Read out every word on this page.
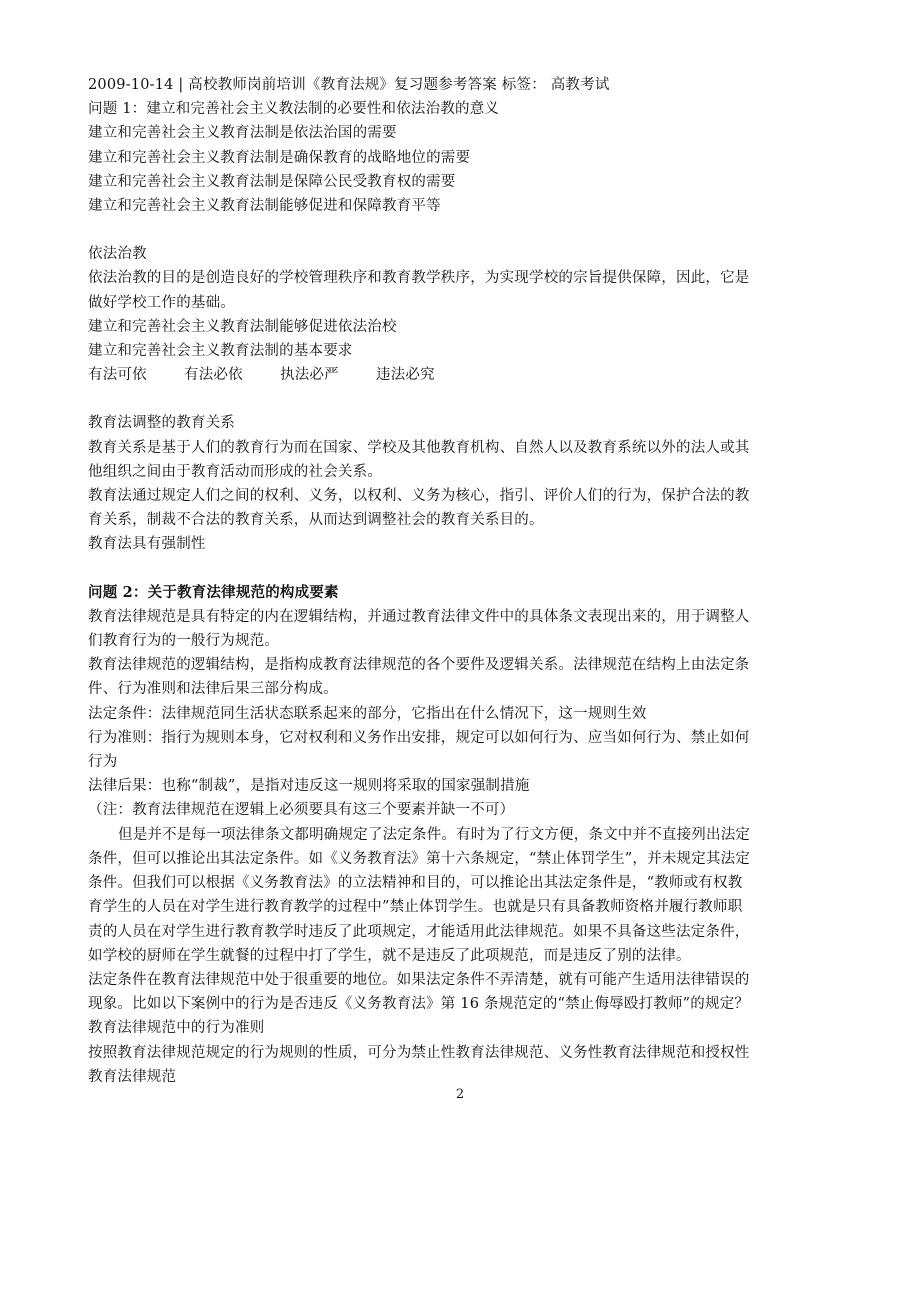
2009-10-14 | 高校教师岗前培训《教育法规》复习题参考答案 标签： 高教考试
问题 1：建立和完善社会主义教法制的必要性和依法治教的意义
建立和完善社会主义教育法制是依法治国的需要
建立和完善社会主义教育法制是确保教育的战略地位的需要
建立和完善社会主义教育法制是保障公民受教育权的需要
建立和完善社会主义教育法制能够促进和保障教育平等
依法治教
依法治教的目的是创造良好的学校管理秩序和教育教学秩序，为实现学校的宗旨提供保障，因此，它是
做好学校工作的基础。
建立和完善社会主义教育法制能够促进依法治校
建立和完善社会主义教育法制的基本要求
有法可依	有法必依	执法必严	违法必究
教育法调整的教育关系
教育关系是基于人们的教育行为而在国家、学校及其他教育机构、自然人以及教育系统以外的法人或其
他组织之间由于教育活动而形成的社会关系。
教育法通过规定人们之间的权利、义务，以权利、义务为核心，指引、评价人们的行为，保护合法的教
育关系，制裁不合法的教育关系，从而达到调整社会的教育关系目的。
教育法具有强制性
问题 2：关于教育法律规范的构成要素
教育法律规范是具有特定的内在逻辑结构，并通过教育法律文件中的具体条文表现出来的，用于调整人
们教育行为的一般行为规范。
教育法律规范的逻辑结构，是指构成教育法律规范的各个要件及逻辑关系。法律规范在结构上由法定条
件、行为准则和法律后果三部分构成。
法定条件：法律规范同生活状态联系起来的部分，它指出在什么情况下，这一规则生效
行为准则：指行为规则本身，它对权利和义务作出安排，规定可以如何行为、应当如何行为、禁止如何
行为
法律后果：也称“制裁”，是指对违反这一规则将采取的国家强制措施
（注：教育法律规范在逻辑上必须要具有这三个要素并缺一不可）
但是并不是每一项法律条文都明确规定了法定条件。有时为了行文方便，条文中并不直接列出法定
条件，但可以推论出其法定条件。如《义务教育法》第十六条规定，“禁止体罚学生”，并未规定其法定
条件。但我们可以根据《义务教育法》的立法精神和目的，可以推论出其法定条件是，“教师或有权教
育学生的人员在对学生进行教育教学的过程中”禁止体罚学生。也就是只有具备教师资格并履行教师职
责的人员在对学生进行教育教学时违反了此项规定，才能适用此法律规范。如果不具备这些法定条件，
如学校的厨师在学生就餐的过程中打了学生，就不是违反了此项规范，而是违反了别的法律。
法定条件在教育法律规范中处于很重要的地位。如果法定条件不弄清楚，就有可能产生适用法律错误的
现象。比如以下案例中的行为是否违反《义务教育法》第 16 条规范定的“禁止侮辱殴打教师”的规定？
教育法律规范中的行为准则
按照教育法律规范规定的行为规则的性质，可分为禁止性教育法律规范、义务性教育法律规范和授权性
教育法律规范
2
